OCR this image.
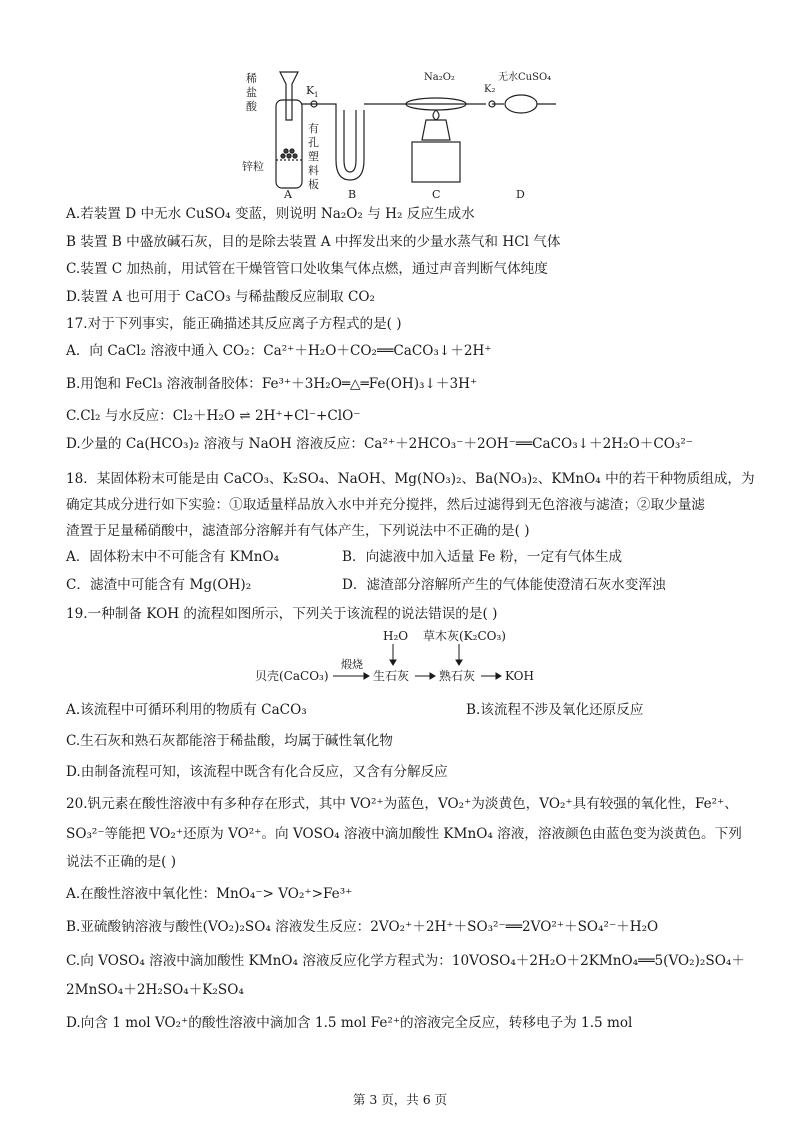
稀
盐
酸
K 1
锌粒
有
孔
塑
料
板
Na₂O₂
K₂
无水CuSO₄
A	B	C	D
A.若装置 D 中无水 CuSO₄ 变蓝，则说明 Na₂O₂ 与 H₂ 反应生成水
B 装置 B 中盛放碱石灰，目的是除去装置 A 中挥发出来的少量水蒸气和 HCl 气体
C.装置 C 加热前，用试管在干燥管管口处收集气体点燃，通过声音判断气体纯度
D.装置 A 也可用于 CaCO₃ 与稀盐酸反应制取 CO₂
17.对于下列事实，能正确描述其反应离子方程式的是( )
A．向 CaCl₂ 溶液中通入 CO₂：Ca²⁺＋H₂O＋CO₂══CaCO₃↓＋2H⁺
B.用饱和 FeCl₃ 溶液制备胶体：Fe³⁺＋3H₂O═△═Fe(OH)₃↓＋3H⁺
C.Cl₂ 与水反应：Cl₂＋H₂O ⇌ 2H⁺+Cl⁻+ClO⁻
D.少量的 Ca(HCO₃)₂ 溶液与 NaOH 溶液反应：Ca²⁺＋2HCO₃⁻＋2OH⁻══CaCO₃↓＋2H₂O＋CO₃²⁻
18．某固体粉末可能是由 CaCO₃、K₂SO₄、NaOH、Mg(NO₃)₂、Ba(NO₃)₂、KMnO₄ 中的若干种物质组成，为
确定其成分进行如下实验：①取适量样品放入水中并充分搅拌，然后过滤得到无色溶液与滤渣；②取少量滤
渣置于足量稀硝酸中，滤渣部分溶解并有气体产生，下列说法中不正确的是( )
A．固体粉末中不可能含有 KMnO₄	B．向滤液中加入适量 Fe 粉，一定有气体生成
C．滤渣中可能含有 Mg(OH)₂	D．滤渣部分溶解所产生的气体能使澄清石灰水变浑浊
19.一种制备 KOH 的流程如图所示，下列关于该流程的说法错误的是( )
H₂O 草木灰(K₂CO₃)
贝壳(CaCO₃)
煅烧
生石灰 熟石灰 KOH
A.该流程中可循环利用的物质有 CaCO₃	B.该流程不涉及氧化还原反应
C.生石灰和熟石灰都能溶于稀盐酸，均属于碱性氧化物
D.由制备流程可知，该流程中既含有化合反应，又含有分解反应
20.钒元素在酸性溶液中有多种存在形式，其中 VO²⁺为蓝色，VO₂⁺为淡黄色，VO₂⁺具有较强的氧化性，Fe²⁺、
SO₃²⁻等能把 VO₂⁺还原为 VO²⁺。向 VOSO₄ 溶液中滴加酸性 KMnO₄ 溶液，溶液颜色由蓝色变为淡黄色。下列
说法不正确的是( )
A.在酸性溶液中氧化性：MnO₄⁻> VO₂⁺>Fe³⁺
B.亚硫酸钠溶液与酸性(VO₂)₂SO₄ 溶液发生反应：2VO₂⁺＋2H⁺＋SO₃²⁻══2VO²⁺＋SO₄²⁻＋H₂O
C.向 VOSO₄ 溶液中滴加酸性 KMnO₄ 溶液反应化学方程式为：10VOSO₄＋2H₂O＋2KMnO₄══5(VO₂)₂SO₄＋
2MnSO₄＋2H₂SO₄＋K₂SO₄
D.向含 1 mol VO₂⁺的酸性溶液中滴加含 1.5 mol Fe²⁺的溶液完全反应，转移电子为 1.5 mol
第 3 页，共 6 页
